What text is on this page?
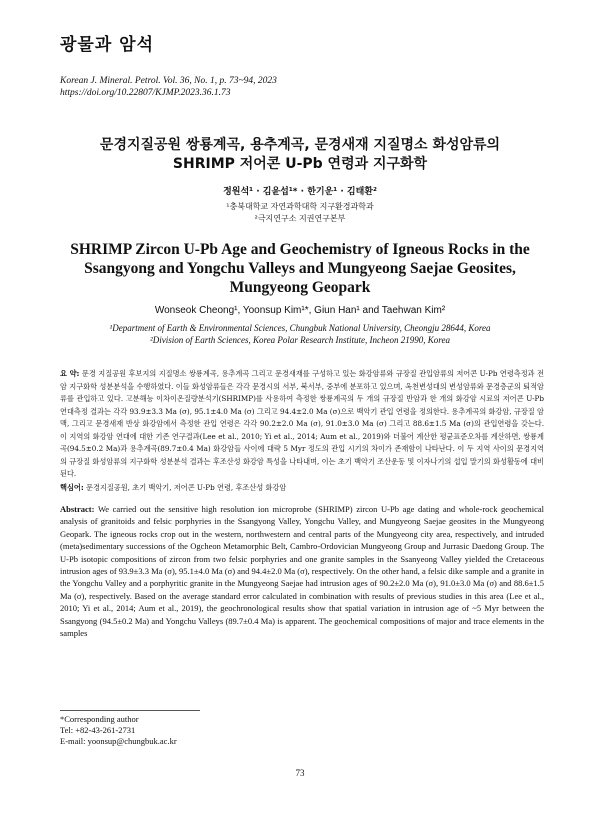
광물과 암석
Korean J. Mineral. Petrol. Vol. 36, No. 1, p. 73~94, 2023
https://doi.org/10.22807/KJMP.2023.36.1.73
문경지질공원 쌍룡계곡, 용추계곡, 문경새재 지질명소 화성암류의
SHRIMP 저어콘 U-Pb 연령과 지구화학
정원석¹ · 김윤섭¹* · 한기운¹ · 김태환²
¹충북대학교 자연과학대학 지구환경과학과
²극지연구소 지권연구본부
SHRIMP Zircon U-Pb Age and Geochemistry of Igneous Rocks in the
Ssangyong and Yongchu Valleys and Mungyeong Saejae Geosites,
Mungyeong Geopark
Wonseok Cheong¹, Yoonsup Kim¹*, Giun Han¹ and Taehwan Kim²
¹Department of Earth & Environmental Sciences, Chungbuk National University, Cheongju 28644, Korea
²Division of Earth Sciences, Korea Polar Research Institute, Incheon 21990, Korea
요 약: 문경 지질공원 후보지의 지질명소 쌍룡계곡, 용추계곡 그리고 문경새재를 구성하고 있는 화강암류와 규장질 관입암류의 저어콘 U-Pb 연령측정과 전암 지구화학 성분분석을 수행하였다. 이들 화성암류들은 각각 문경시의 서부, 북서부, 중부에 분포하고 있으며, 옥천변성대의 변성암류와 문경층군의 퇴적암류를 관입하고 있다. 고분해능 이차이온질량분석기(SHRIMP)를 사용하여 측정한 쌍룡계곡의 두 개의 규장질 반암과 한 개의 화강암 시료의 저어콘 U-Pb 연대측정 결과는 각각 93.9±3.3 Ma (σ), 95.1±4.0 Ma (σ) 그리고 94.4±2.0 Ma (σ)으로 백악기 관입 연령을 정의한다. 용추계곡의 화강암, 규장질 암맥, 그리고 문경새재 반상 화강암에서 측정한 관입 연령은 각각 90.2±2.0 Ma (σ), 91.0±3.0 Ma (σ) 그리고 88.6±1.5 Ma (σ)의 관입연령을 갖는다. 이 지역의 화강암 연대에 대한 기존 연구결과(Lee et al., 2010; Yi et al., 2014; Aum et al., 2019)와 더불어 계산한 평균표준오차를 계산하면, 쌍룡계곡(94.5±0.2 Ma)과 용추계곡(89.7±0.4 Ma) 화강암들 사이에 대략 5 Myr 정도의 관입 시기의 차이가 존재함이 나타난다. 이 두 지역 사이의 문경지역의 규장질 화성암류의 지구화학 성분분석 결과는 후조산성 화강암 특성을 나타내며, 이는 초기 백악기 조산운동 및 이자나기의 섭입 말기의 화성활동에 대비된다.
핵심어: 문경지질공원, 초기 백악기, 저어콘 U-Pb 연령, 후조산성 화강암
Abstract: We carried out the sensitive high resolution ion microprobe (SHRIMP) zircon U-Pb age dating and whole-rock geochemical analysis of granitoids and felsic porphyries in the Ssangyong Valley, Yongchu Valley, and Mungyeong Saejae geosites in the Mungyeong Geopark. The igneous rocks crop out in the western, northwestern and central parts of the Mungyeong city area, respectively, and intruded (meta)sedimentary successions of the Ogcheon Metamorphic Belt, Cambro-Ordovician Mungyeong Group and Jurrasic Daedong Group. The U-Pb isotopic compositions of zircon from two felsic porphyries and one granite samples in the Ssanyeong Valley yielded the Cretaceous intrusion ages of 93.9±3.3 Ma (σ), 95.1±4.0 Ma (σ) and 94.4±2.0 Ma (σ), respectively. On the other hand, a felsic dike sample and a granite in the Yongchu Valley and a porphyritic granite in the Mungyeong Saejae had intrusion ages of 90.2±2.0 Ma (σ), 91.0±3.0 Ma (σ) and 88.6±1.5 Ma (σ), respectively. Based on the average standard error calculated in combination with results of previous studies in this area (Lee et al., 2010; Yi et al., 2014; Aum et al., 2019), the geochronological results show that spatial variation in intrusion age of ~5 Myr between the Ssangyong (94.5±0.2 Ma) and Yongchu Valleys (89.7±0.4 Ma) is apparent. The geochemical compositions of major and trace elements in the samples
*Corresponding author
Tel: +82-43-261-2731
E-mail: yoonsup@chungbuk.ac.kr
73
